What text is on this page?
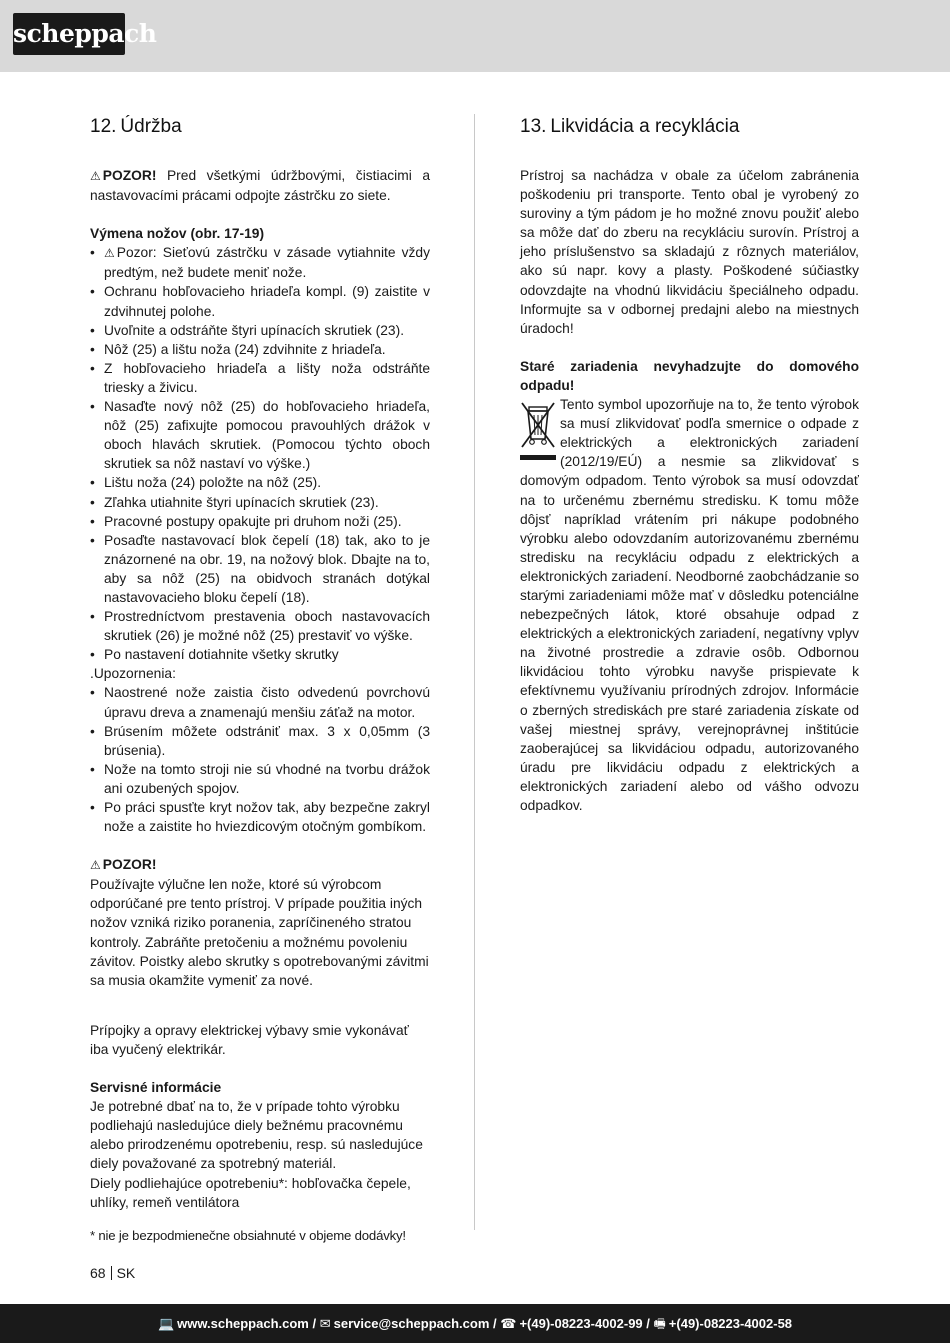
scheppach
12. Údržba

⚠ POZOR! Pred všetkými údržbovými, čistiacimi a nastavovacími prácami odpojte zástrčku zo siete.

Výmena nožov (obr. 17-19)

• ⚠Pozor: Sieťovú zástrčku v zásade vytiahnite vždy predtým, než budete meniť nože.
• Ochranu hobľovacieho hriadeľa kompl. (9) zaistite v zdvihnutej polohe.
• Uvoľnite a odstráňte štyri upínacích skrutiek (23).
• Nôž (25) a lištu noža (24) zdvihnite z hriadeľa.
• Z hobľovacieho hriadeľa a lišty noža odstráňte triesky a živicu.
• Nasaďte nový nôž (25) do hobľovacieho hriadeľa, nôž (25) zafixujte pomocou pravouhlých drážok v oboch hlavách skrutiek. (Pomocou týchto oboch skrutiek sa nôž nastaví vo výške.)
• Lištu noža (24) položte na nôž (25).
• Zľahka utiahnite štyri upínacích skrutiek (23).
• Pracovné postupy opakujte pri druhom noži (25).
• Posaďte nastavovací blok čepelí (18) tak, ako to je znázornené na obr. 19, na nožový blok. Dbajte na to, aby sa nôž (25) na obidvoch stranách dotýkal nastavovacieho bloku čepelí (18).
• Prostredníctvom prestavenia oboch nastavovacích skrutiek (26) je možné nôž (25) prestaviť vo výške.
• Po nastavení dotiahnite všetky skrutky

.Upozornenia:

• Naostrené nože zaistia čisto odvedenú povrchovú úpravu dreva a znamenajú menšiu záťaž na motor.
• Brúsením môžete odstrániť max. 3 x 0,05mm (3 brúsenia).
• Nože na tomto stroji nie sú vhodné na tvorbu drážok ani ozubených spojov.
• Po práci spusťte kryt nožov tak, aby bezpečne zakryl nože a zaistite ho hviezdicovým otočným gombíkom.

⚠ POZOR!

Používajte výlučne len nože, ktoré sú výrobcom odporúčané pre tento prístroj. V prípade použitia iných nožov vzniká riziko poranenia, zapríčineného stratou kontroly. Zabráňte pretočeniu a možnému povoleniu závitov. Poistky alebo skrutky s opotrebovanými závitmi sa musia okamžite vymeniť za nové.

Prípojky a opravy elektrickej výbavy smie vykonávať iba vyučený elektrikár.

Servisné informácie

Je potrebné dbať na to, že v prípade tohto výrobku podliehajú nasledujúce diely bežnému pracovnému alebo prirodzenému opotrebeniu, resp. sú nasledujúce diely považované za spotrebný materiál.

Diely podliehajúce opotrebeniu*: hobľovačka čepele, uhlíky, remeň ventilátora

* nie je bezpodmienečne obsiahnuté v objeme dodávky!

13. Likvidácia a recyklácia

Prístroj sa nachádza v obale za účelom zabránenia poškodeniu pri transporte. Tento obal je vyrobený zo suroviny a tým pádom je ho možné znovu použiť alebo sa môže dať do zberu na recykláciu surovín. Prístroj a jeho príslušenstvo sa skladajú z rôznych materiálov, ako sú napr. kovy a plasty. Poškodené súčiastky odovzdajte na vhodnú likvidáciu špeciálneho odpadu. Informujte sa v odbornej predajni alebo na miestnych úradoch!

Staré zariadenia nevyhadzujte do domového odpadu!

Tento symbol upozorňuje na to, že tento výrobok sa musí zlikvidovať podľa smernice o odpade z elektrických a elektronických zariadení (2012/19/EÚ) a nesmie sa zlikvidovať s domovým odpadom. Tento výrobok sa musí odovzdať na to určenému zbernému stredisku. K tomu môže dôjsť napríklad vrátením pri nákupe podobného výrobku alebo odovzdaním autorizovanému zbernému stredisku na recykláciu odpadu z elektrických a elektronických zariadení. Neodborné zaobchádzanie so starými zariadeniami môže mať v dôsledku potenciálne nebezpečných látok, ktoré obsahuje odpad z elektrických a elektronických zariadení, negatívny vplyv na životné prostredie a zdravie osôb. Odbornou likvidáciou tohto výrobku navyše prispievate k efektívnemu využívaniu prírodných zdrojov. Informácie o zberných strediskách pre staré zariadenia získate od vašej miestnej správy, verejnoprávnej inštitúcie zaoberajúcej sa likvidáciou odpadu, autorizovaného úradu pre likvidáciu odpadu z elektrických a elektronických zariadení alebo od vášho odvozu odpadkov.
68 SK
💻 www.scheppach.com / ✉ service@scheppach.com / ☎ +(49)-08223-4002-99 / 🖷 +(49)-08223-4002-58
